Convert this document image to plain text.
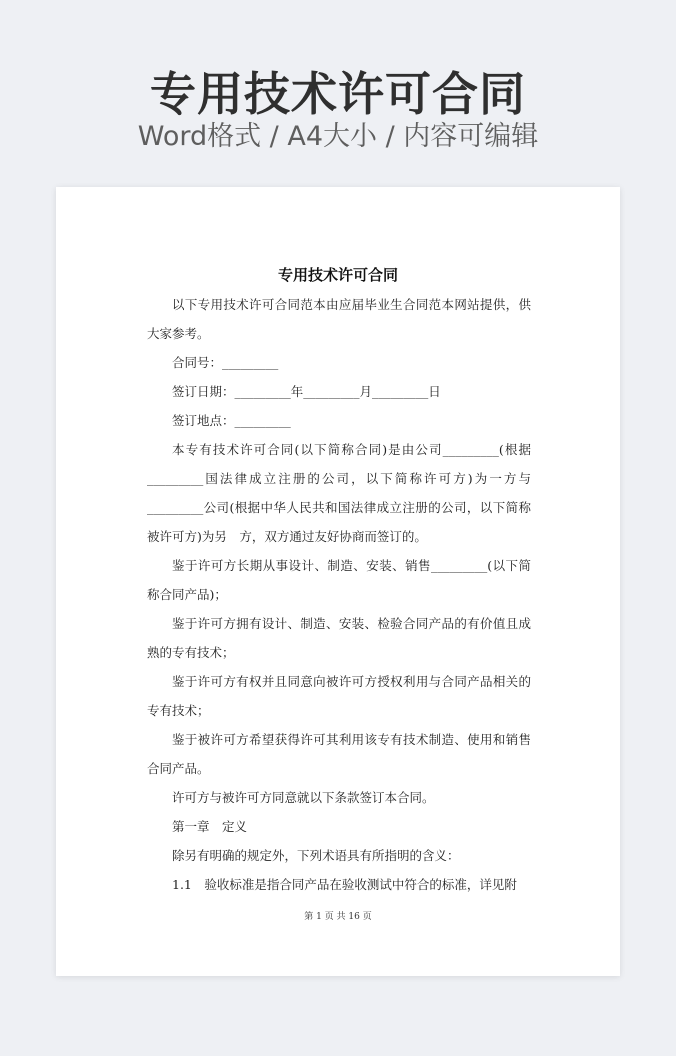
专用技术许可合同
Word格式 / A4大小 / 内容可编辑
专用技术许可合同

以下专用技术许可合同范本由应届毕业生合同范本网站提供，供大家参考。

合同号：_________

签订日期：_________年_________月_________日

签订地点：_________

本专有技术许可合同(以下简称合同)是由公司_________(根据_________国法律成立注册的公司，以下简称许可方)为一方与_________公司(根据中华人民共和国法律成立注册的公司，以下简称被许可方)为另　方，双方通过友好协商而签订的。

鉴于许可方长期从事设计、制造、安装、销售_________(以下简称合同产品)；

鉴于许可方拥有设计、制造、安装、检验合同产品的有价值且成熟的专有技术；

鉴于许可方有权并且同意向被许可方授权利用与合同产品相关的专有技术；

鉴于被许可方希望获得许可其利用该专有技术制造、使用和销售合同产品。

许可方与被许可方同意就以下条款签订本合同。

第一章　定义

除另有明确的规定外，下列术语具有所指明的含义：

1.1　验收标准是指合同产品在验收测试中符合的标准，详见附

第 1 页 共 16 页
